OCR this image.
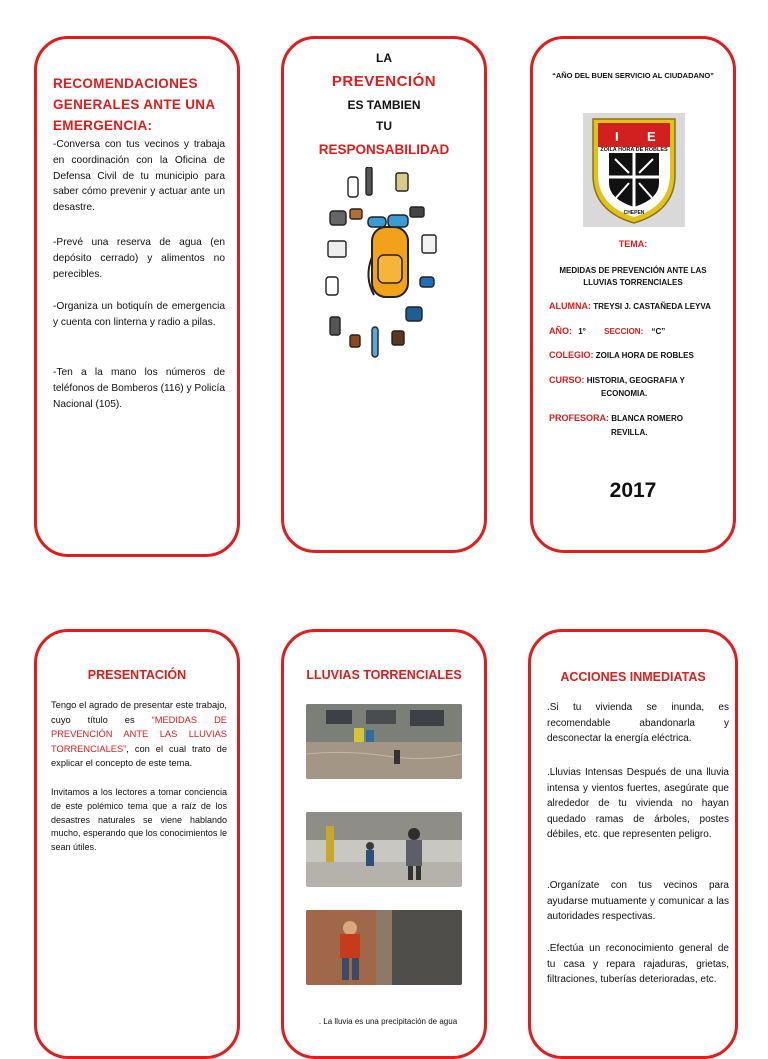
RECOMENDACIONES GENERALES ANTE UNA EMERGENCIA:
-Conversa con tus vecinos y trabaja en coordinación con la Oficina de Defensa Civil de tu municipio para saber cómo prevenir y actuar ante un desastre.
-Prevé una reserva de agua (en depósito cerrado) y alimentos no perecibles.
-Organiza un botiquín de emergencia y cuenta con linterna y radio a pilas.
-Ten a la mano los números de teléfonos de Bomberos (116) y Policía Nacional (105).
LA
PREVENCIÓN
ES TAMBIEN
TU
RESPONSABILIDAD
“AÑO DEL BUEN SERVICIO AL CIUDADANO”
I E
ZOILA HORA DE ROBLES
CHEPEN
TEMA:
MEDIDAS DE PREVENCIÓN ANTE LAS LLUVIAS TORRENCIALES
ALUMNA: TREYSI J. CASTAÑEDA LEYVA
AÑO: 1° SECCION: “C”
COLEGIO: ZOILA HORA DE ROBLES
CURSO: HISTORIA, GEOGRAFIA Y
ECONOMIA.
PROFESORA: BLANCA ROMERO
REVILLA.
2017
PRESENTACIÓN
Tengo el agrado de presentar este trabajo, cuyo título es “MEDIDAS DE PREVENCIÓN ANTE LAS LLUVIAS TORRENCIALES”, con el cual trato de explicar el concepto de este tema.
Invitamos a los lectores a tomar conciencia de este polémico tema que a raíz de los desastres naturales se viene hablando mucho, esperando que los conocimientos le sean útiles.
LLUVIAS TORRENCIALES
. La lluvia es una precipitación de agua
ACCIONES INMEDIATAS
.Si tu vivienda se inunda, es recomendable abandonarla y desconectar la energía eléctrica.
.Lluvias Intensas Después de una lluvia intensa y vientos fuertes, asegúrate que alrededor de tu vivienda no hayan quedado ramas de árboles, postes débiles, etc. que representen peligro.
.Organízate con tus vecinos para ayudarse mutuamente y comunicar a las autoridades respectivas.
.Efectúa un reconocimiento general de tu casa y repara rajaduras, grietas, filtraciones, tuberías deterioradas, etc.
